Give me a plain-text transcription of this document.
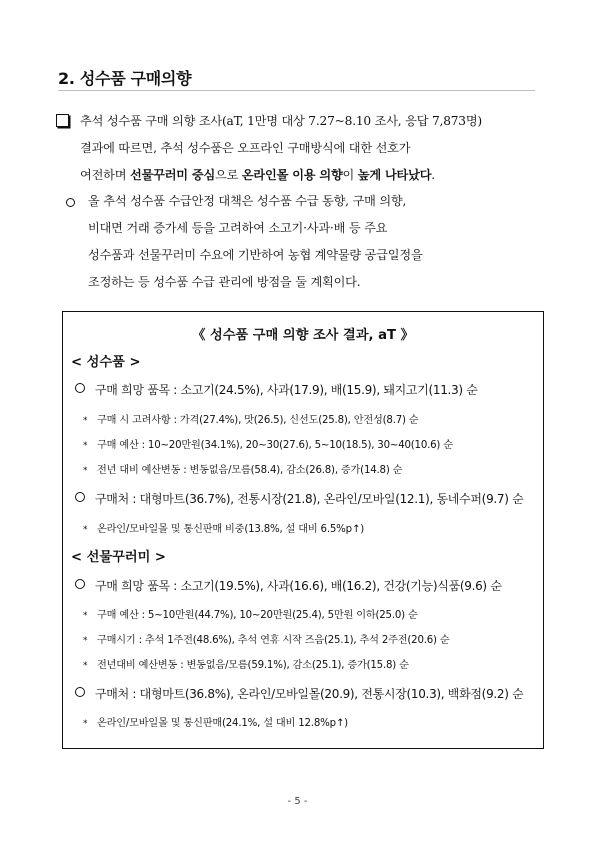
2. 성수품 구매의향
추석 성수품 구매 의향 조사(aT, 1만명 대상 7.27~8.10 조사, 응답 7,873명)
결과에 따르면, 추석 성수품은 오프라인 구매방식에 대한 선호가
여전하며 선물꾸러미 중심으로 온라인몰 이용 의향이 높게 나타났다.
올 추석 성수품 수급안정 대책은 성수품 수급 동향, 구매 의향,
비대면 거래 증가세 등을 고려하여 소고기·사과·배 등 주요
성수품과 선물꾸러미 수요에 기반하여 농협 계약물량 공급일정을
조정하는 등 성수품 수급 관리에 방점을 둘 계획이다.
《 성수품 구매 의향 조사 결과, aT 》
< 성수품 >
구매 희망 품목 : 소고기(24.5%), 사과(17.9), 배(15.9), 돼지고기(11.3) 순
* 구매 시 고려사항 : 가격(27.4%), 맛(26.5), 신선도(25.8), 안전성(8.7) 순
* 구매 예산 : 10~20만원(34.1%), 20~30(27.6), 5~10(18.5), 30~40(10.6) 순
* 전년 대비 예산변동 : 변동없음/모름(58.4), 감소(26.8), 증가(14.8) 순
구매처 : 대형마트(36.7%), 전통시장(21.8), 온라인/모바일(12.1), 동네수퍼(9.7) 순
* 온라인/모바일몰 및 통신판매 비중(13.8%, 설 대비 6.5%p↑)
< 선물꾸러미 >
구매 희망 품목 : 소고기(19.5%), 사과(16.6), 배(16.2), 건강(기능)식품(9.6) 순
* 구매 예산 : 5~10만원(44.7%), 10~20만원(25.4), 5만원 이하(25.0) 순
* 구매시기 : 추석 1주전(48.6%), 추석 연휴 시작 즈음(25.1), 추석 2주전(20.6) 순
* 전년대비 예산변동 : 변동없음/모름(59.1%), 감소(25.1), 증가(15.8) 순
구매처 : 대형마트(36.8%), 온라인/모바일몰(20.9), 전통시장(10.3), 백화점(9.2) 순
* 온라인/모바일몰 및 통신판매(24.1%, 설 대비 12.8%p↑)
- 5 -
